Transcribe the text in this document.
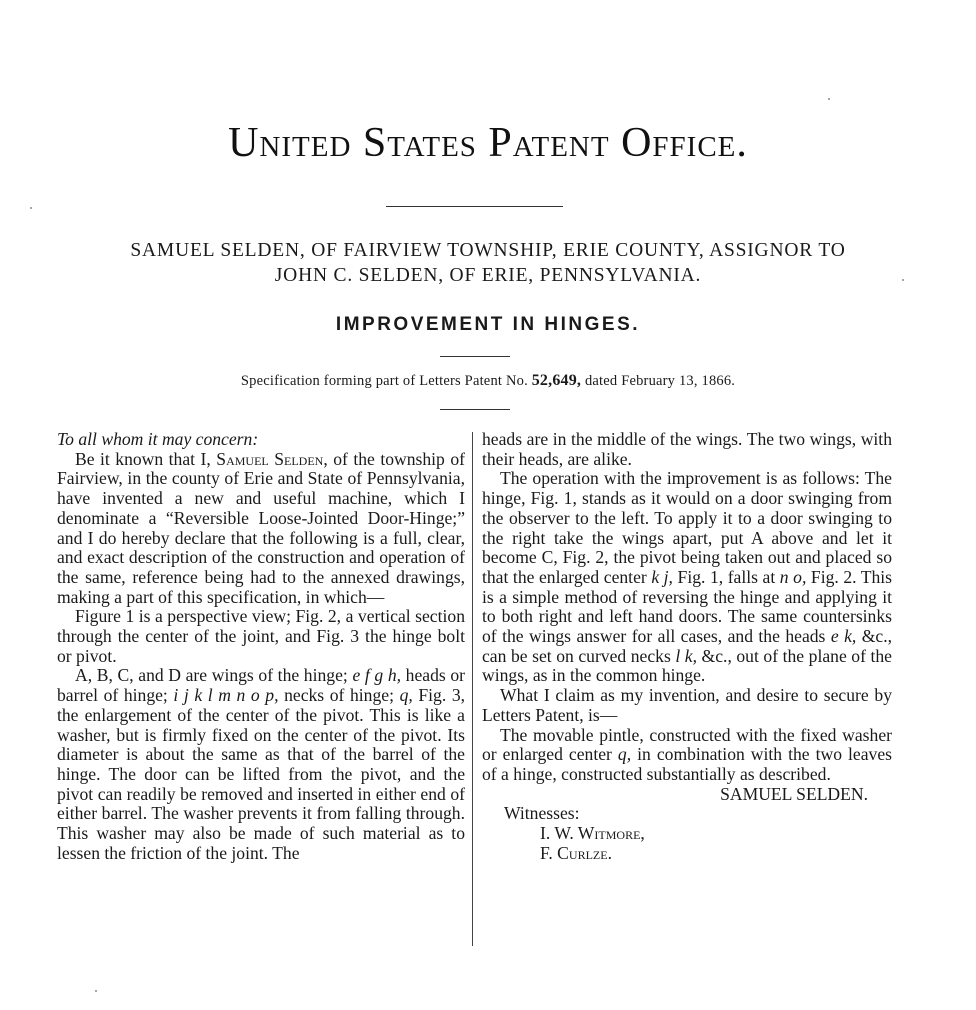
United States Patent Office.
SAMUEL SELDEN, OF FAIRVIEW TOWNSHIP, ERIE COUNTY, ASSIGNOR TO
JOHN C. SELDEN, OF ERIE, PENNSYLVANIA.
IMPROVEMENT IN HINGES.
Specification forming part of Letters Patent No. 52,649, dated February 13, 1866.

To all whom it may concern:

Be it known that I, Samuel Selden, of the township of Fairview, in the county of Erie and State of Pennsylvania, have invented a new and useful machine, which I denominate a “Reversible Loose-Jointed Door-Hinge;” and I do hereby declare that the following is a full, clear, and exact description of the construction and operation of the same, reference being had to the annexed drawings, making a part of this specification, in which—

Figure 1 is a perspective view; Fig. 2, a vertical section through the center of the joint, and Fig. 3 the hinge bolt or pivot.

A, B, C, and D are wings of the hinge; e f g h, heads or barrel of hinge; i j k l m n o p, necks of hinge; q, Fig. 3, the enlargement of the center of the pivot. This is like a washer, but is firmly fixed on the center of the pivot. Its diameter is about the same as that of the barrel of the hinge. The door can be lifted from the pivot, and the pivot can readily be removed and inserted in either end of either barrel. The washer prevents it from falling through. This washer may also be made of such material as to lessen the friction of the joint. The

heads are in the middle of the wings. The two wings, with their heads, are alike.

The operation with the improvement is as follows: The hinge, Fig. 1, stands as it would on a door swinging from the observer to the left. To apply it to a door swinging to the right take the wings apart, put A above and let it become C, Fig. 2, the pivot being taken out and placed so that the enlarged center k j, Fig. 1, falls at n o, Fig. 2. This is a simple method of reversing the hinge and applying it to both right and left hand doors. The same countersinks of the wings answer for all cases, and the heads e k, &c., can be set on curved necks l k, &c., out of the plane of the wings, as in the common hinge.

What I claim as my invention, and desire to secure by Letters Patent, is—

The movable pintle, constructed with the fixed washer or enlarged center q, in combination with the two leaves of a hinge, constructed substantially as described.

SAMUEL SELDEN.

Witnesses:

I. W. Witmore,

F. Curlze.
